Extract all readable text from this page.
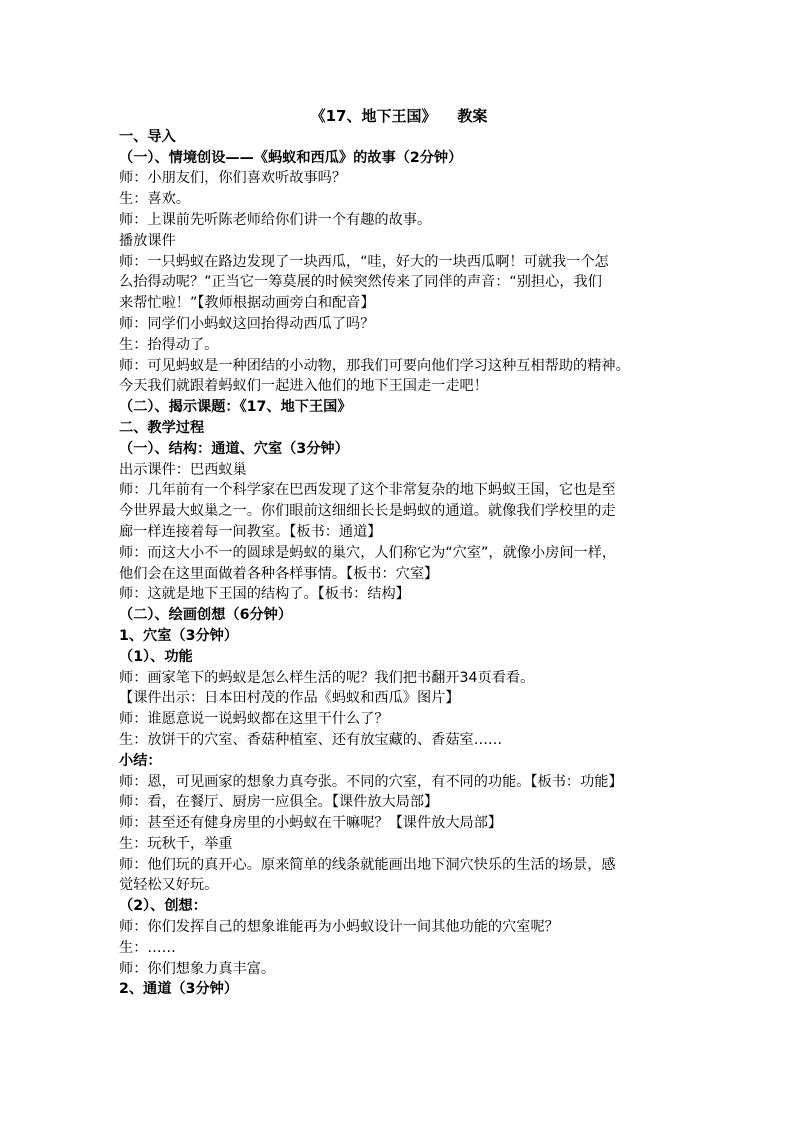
《17、地下王国》    教案
一、导入
（一）、情境创设——《蚂蚁和西瓜》的故事（2分钟）
师：小朋友们，你们喜欢听故事吗？
生：喜欢。
师：上课前先听陈老师给你们讲一个有趣的故事。
播放课件
师：一只蚂蚁在路边发现了一块西瓜，“哇，好大的一块西瓜啊！可就我一个怎
么抬得动呢？”正当它一筹莫展的时候突然传来了同伴的声音：“别担心，我们
来帮忙啦！”【教师根据动画旁白和配音】
师：同学们小蚂蚁这回抬得动西瓜了吗？
生：抬得动了。
师：可见蚂蚁是一种团结的小动物，那我们可要向他们学习这种互相帮助的精神。
今天我们就跟着蚂蚁们一起进入他们的地下王国走一走吧！
（二）、揭示课题：《17、地下王国》
二、教学过程
（一）、结构：通道、穴室（3分钟）
出示课件：巴西蚁巢
师：几年前有一个科学家在巴西发现了这个非常复杂的地下蚂蚁王国，它也是至
今世界最大蚁巢之一。你们眼前这细细长长是蚂蚁的通道。就像我们学校里的走
廊一样连接着每一间教室。【板书：通道】
师：而这大小不一的圆球是蚂蚁的巢穴，人们称它为“穴室”，就像小房间一样，
他们会在这里面做着各种各样事情。【板书：穴室】
师：这就是地下王国的结构了。【板书：结构】
（二）、绘画创想（6分钟）
1、穴室（3分钟）
（1）、功能
师：画家笔下的蚂蚁是怎么样生活的呢？我们把书翻开34页看看。
【课件出示：日本田村茂的作品《蚂蚁和西瓜》图片】
师：谁愿意说一说蚂蚁都在这里干什么了？
生：放饼干的穴室、香菇种植室、还有放宝藏的、香菇室……
小结：
师：恩，可见画家的想象力真夸张。不同的穴室，有不同的功能。【板书：功能】
师：看，在餐厅、厨房一应俱全。【课件放大局部】
师：甚至还有健身房里的小蚂蚁在干嘛呢？【课件放大局部】
生：玩秋千，举重
师：他们玩的真开心。原来简单的线条就能画出地下洞穴快乐的生活的场景，感
觉轻松又好玩。
（2）、创想：
师：你们发挥自己的想象谁能再为小蚂蚁设计一间其他功能的穴室呢？
生：……
师：你们想象力真丰富。
2、通道（3分钟）
